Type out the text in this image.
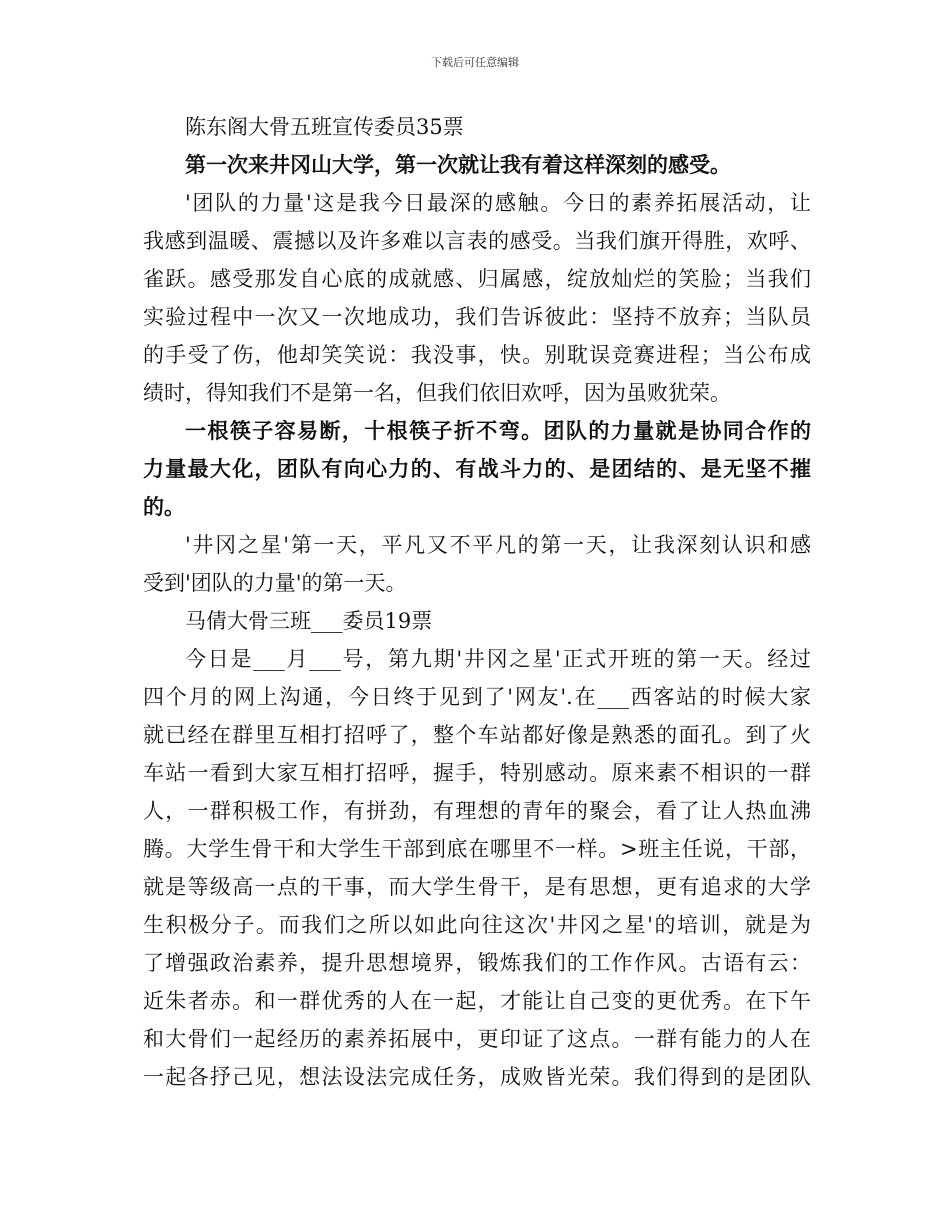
下载后可任意编辑
陈东阁大骨五班宣传委员35票
第一次来井冈山大学，第一次就让我有着这样深刻的感受。
'团队的力量'这是我今日最深的感触。今日的素养拓展活动，让
我感到温暖、震撼以及许多难以言表的感受。当我们旗开得胜，欢呼、
雀跃。感受那发自心底的成就感、归属感，绽放灿烂的笑脸；当我们
实验过程中一次又一次地成功，我们告诉彼此：坚持不放弃；当队员
的手受了伤，他却笑笑说：我没事，快。别耽误竞赛进程；当公布成
绩时，得知我们不是第一名，但我们依旧欢呼，因为虽败犹荣。
一根筷子容易断，十根筷子折不弯。团队的力量就是协同合作的
力量最大化，团队有向心力的、有战斗力的、是团结的、是无坚不摧
的。
'井冈之星'第一天，平凡又不平凡的第一天，让我深刻认识和感
受到'团队的力量'的第一天。
马倩大骨三班___委员19票
今日是___月___号，第九期'井冈之星'正式开班的第一天。经过
四个月的网上沟通，今日终于见到了'网友'.在___西客站的时候大家
就已经在群里互相打招呼了，整个车站都好像是熟悉的面孔。到了火
车站一看到大家互相打招呼，握手，特别感动。原来素不相识的一群
人，一群积极工作，有拼劲，有理想的青年的聚会，看了让人热血沸
腾。大学生骨干和大学生干部到底在哪里不一样。>班主任说，干部，
就是等级高一点的干事，而大学生骨干，是有思想，更有追求的大学
生积极分子。而我们之所以如此向往这次'井冈之星'的培训，就是为
了增强政治素养，提升思想境界，锻炼我们的工作作风。古语有云：
近朱者赤。和一群优秀的人在一起，才能让自己变的更优秀。在下午
和大骨们一起经历的素养拓展中，更印证了这点。一群有能力的人在
一起各抒己见，想法设法完成任务，成败皆光荣。我们得到的是团队
